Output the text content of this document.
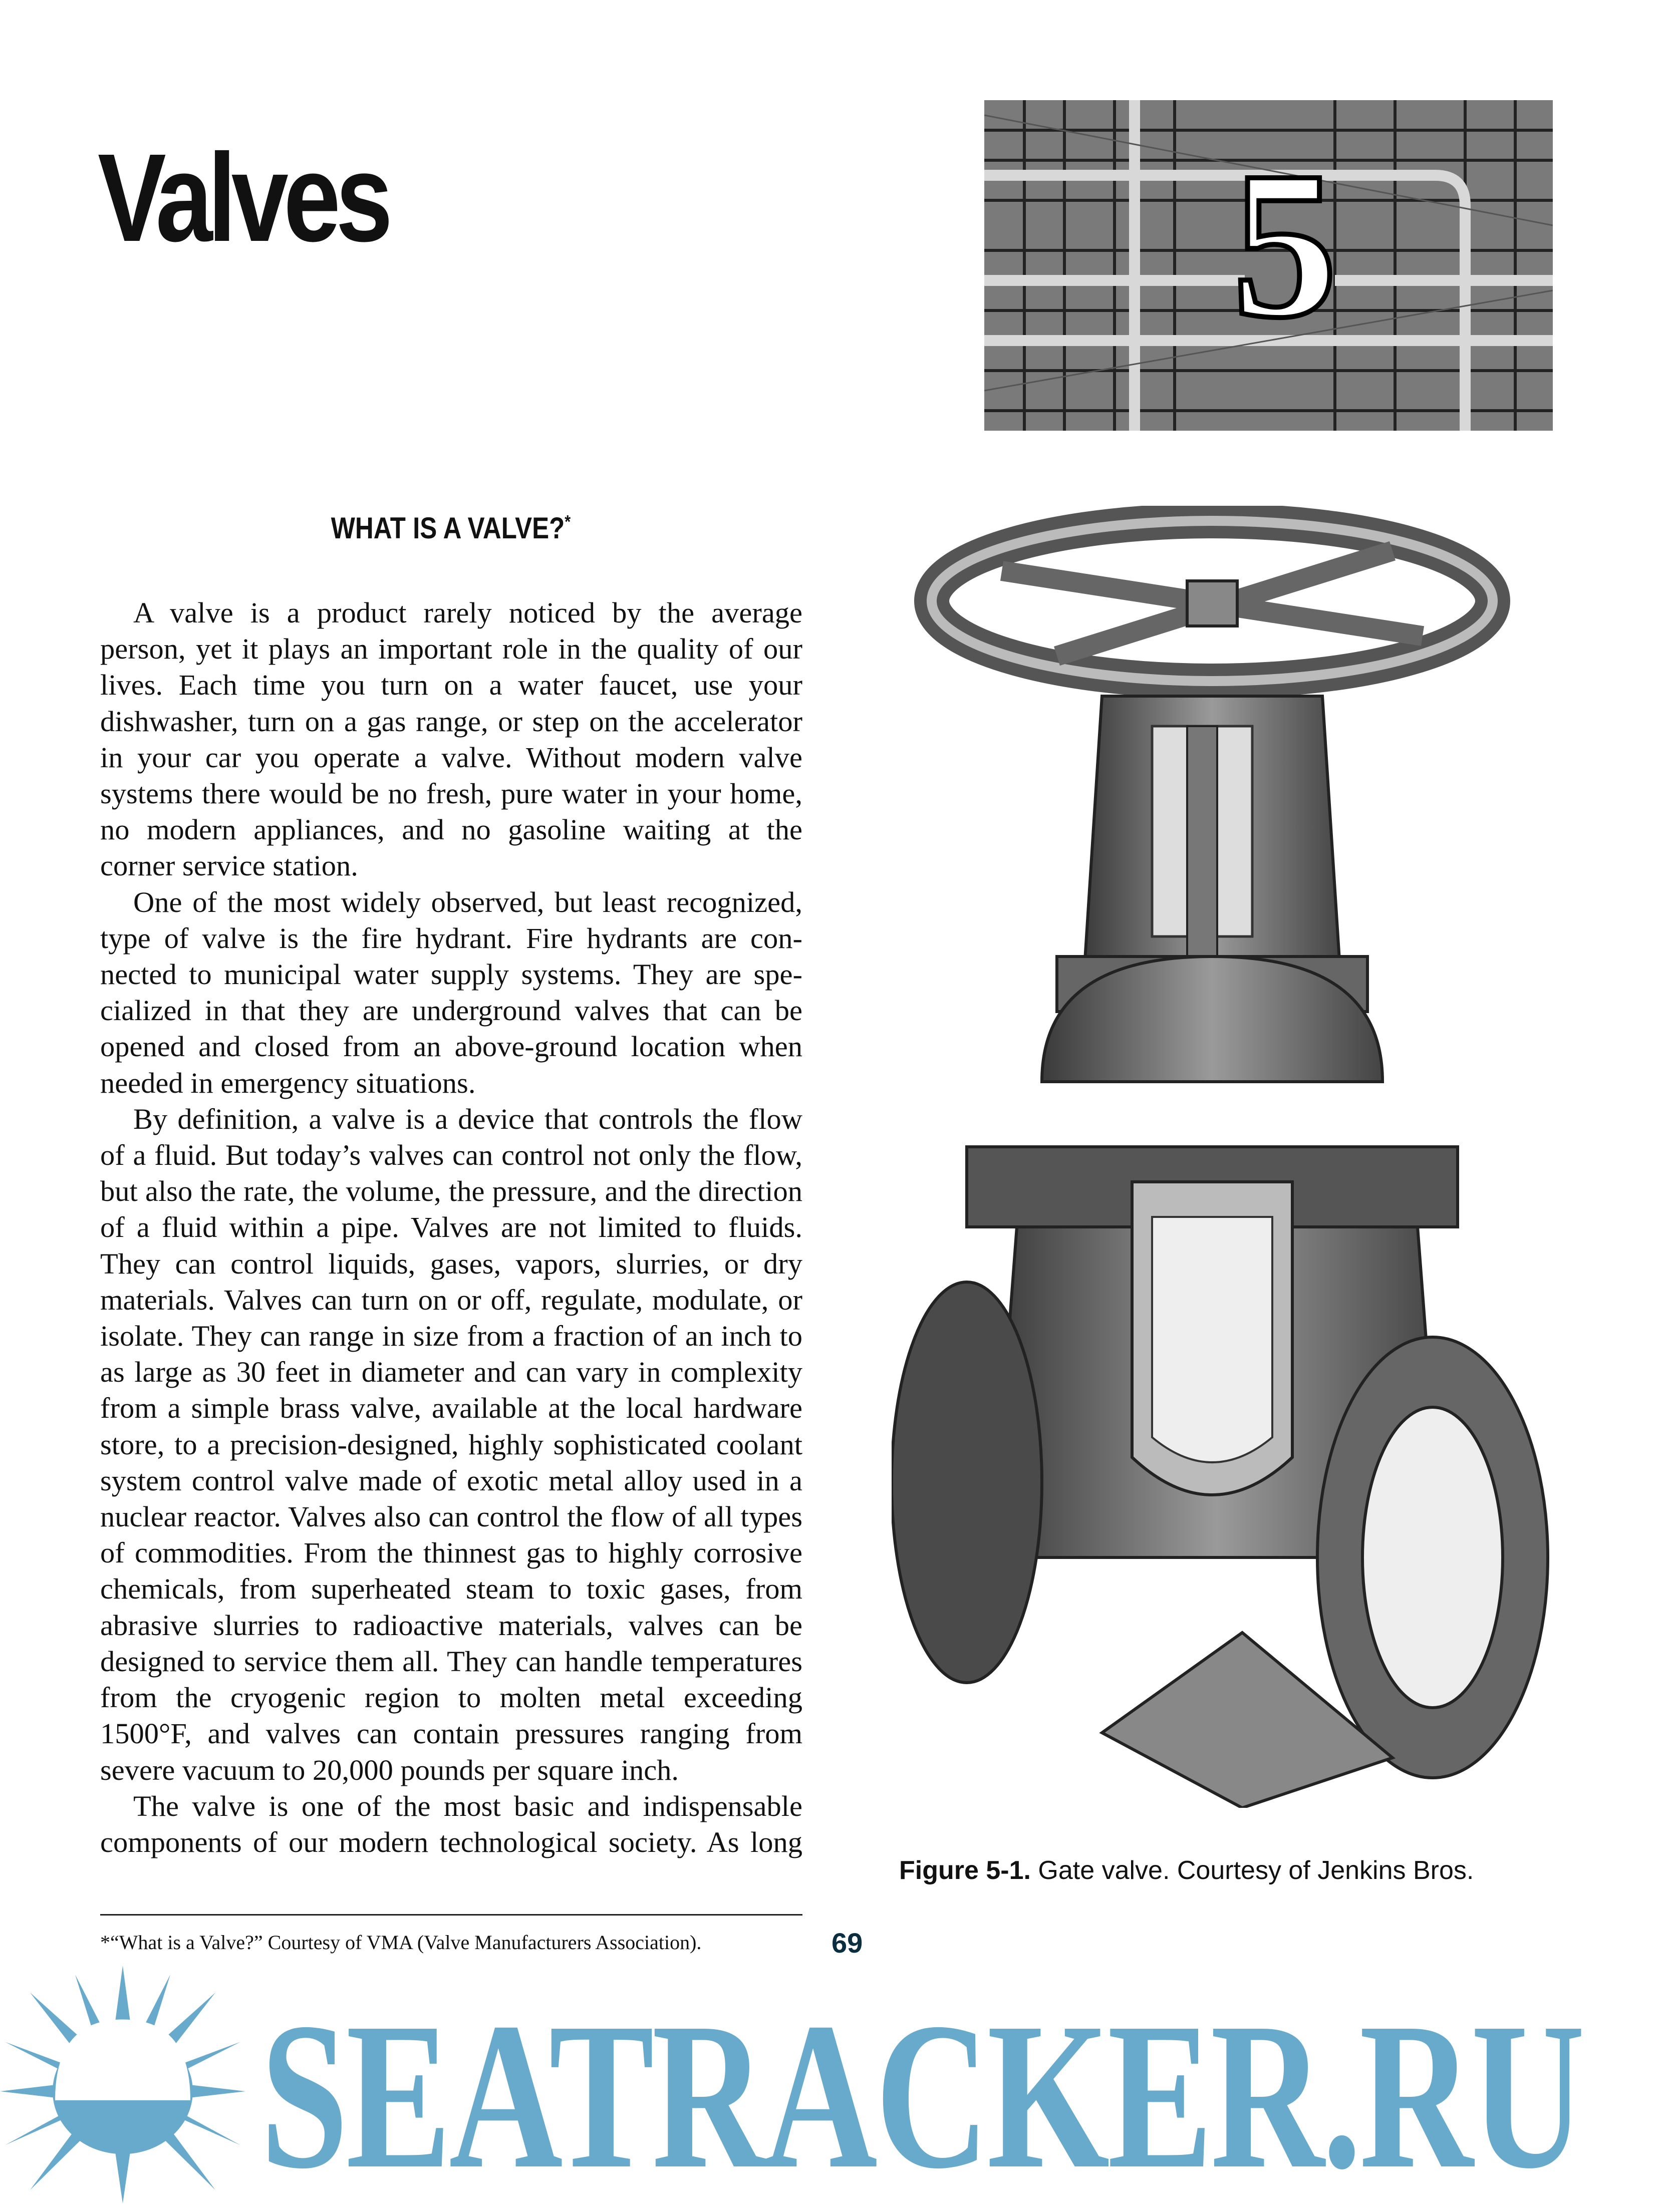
Valves	5
WHAT IS A VALVE?*

A valve is a product rarely noticed by the average person, yet it plays an important role in the quality of our lives. Each time you turn on a water faucet, use your dishwasher, turn on a gas range, or step on the accelerator in your car you operate a valve. Without modern valve systems there would be no fresh, pure water in your home, no modern appliances, and no gasoline waiting at the corner service station.

One of the most widely observed, but least recognized, type of valve is the fire hydrant. Fire hydrants are connected to municipal water supply systems. They are specialized in that they are underground valves that can be opened and closed from an above-ground location when needed in emergency situations.

By definition, a valve is a device that controls the flow of a fluid. But today’s valves can control not only the flow, but also the rate, the volume, the pressure, and the direction of a fluid within a pipe. Valves are not limited to fluids. They can control liquids, gases, vapors, slurries, or dry materials. Valves can turn on or off, regulate, modulate, or isolate. They can range in size from a fraction of an inch to as large as 30 feet in diameter and can vary in complexity from a simple brass valve, available at the local hardware store, to a precision-designed, highly sophisticated coolant system control valve made of exotic metal alloy used in a nuclear reactor. Valves also can control the flow of all types of commodities. From the thinnest gas to highly corrosive chemicals, from superheated steam to toxic gases, from abrasive slurries to radioactive materials, valves can be designed to service them all. They can handle temperatures from the cryogenic region to molten metal exceeding 1500°F, and valves can contain pressures ranging from severe vacuum to 20,000 pounds per square inch.

The valve is one of the most basic and indispensable components of our modern technological society. As long

*“What is a Valve?” Courtesy of VMA (Valve Manufacturers Association).
Figure 5-1. Gate valve. Courtesy of Jenkins Bros.
SEATRACKER.RU
69
